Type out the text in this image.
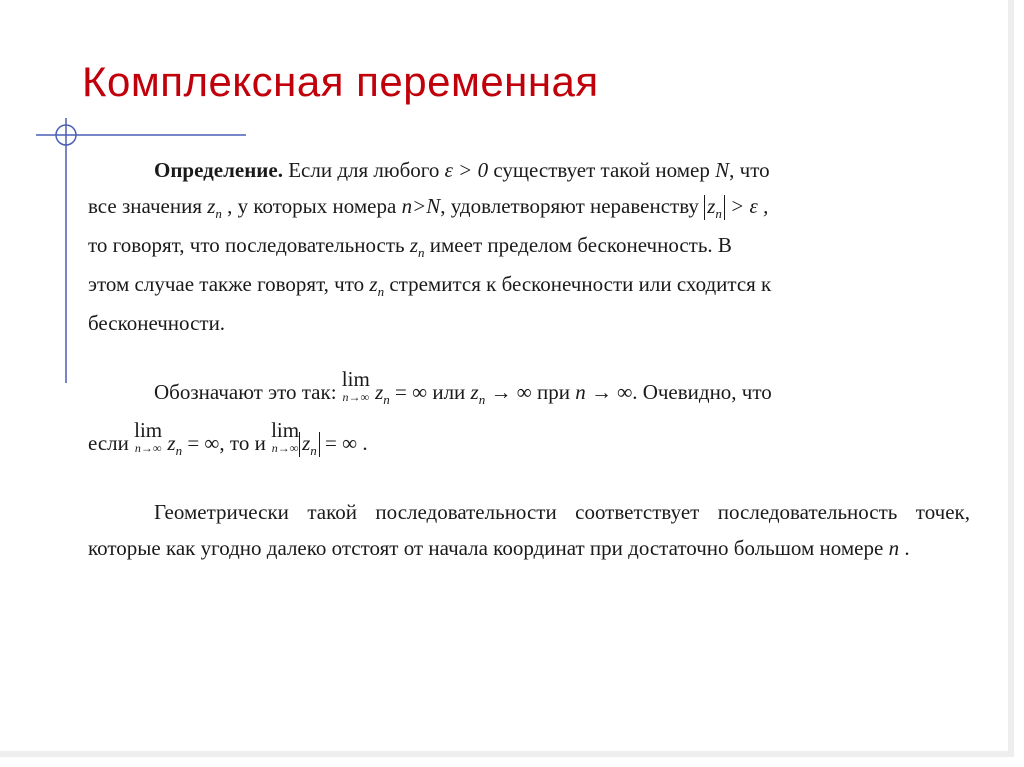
Комплексная переменная
Определение. Если для любого ε > 0 существует такой номер N, что
все значения $z_n$ , у которых номера n>N, удовлетворяют неравенству $z_n > \varepsilon$ ,
то говорят, что последовательность $z_n$ имеет пределом бесконечность. В
этом случае также говорят, что $z_n$ стремится к бесконечности или сходится к
бесконечности.
Обозначают это так: lim
n→∞ $z_n$ = ∞ или $z_n$ → ∞ при n → ∞. Очевидно, что
если lim
n→∞ $z_n$ = ∞, то и lim
n→∞ $z_n$ = ∞ .
Геометрически такой последовательности соответствует последовательность точек, которые как угодно далеко отстоят от начала координат при достаточно большом номере n .
